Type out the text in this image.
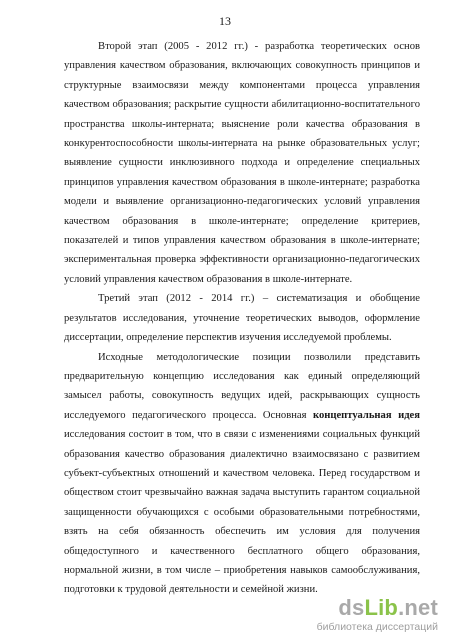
13

Второй этап (2005 - 2012 гг.) - разработка теоретических основ управления качеством образования, включающих совокупность принципов и структурные взаимосвязи между компонентами процесса управления качеством образования; раскрытие сущности абилитационно-воспитательного пространства школы-интерната; выяснение роли качества образования в конкурентоспособности школы-интерната на рынке образовательных услуг; выявление сущности инклюзивного подхода и определение специальных принципов управления качеством образования в школе-интернате; разработка модели и выявление организационно-педагогических условий управления качеством образования в школе-интернате; определение критериев, показателей и типов управления качеством образования в школе-интернате; экспериментальная проверка эффективности организационно-педагогических условий управления качеством образования в школе-интернате.

Третий этап (2012 - 2014 гг.) – систематизация и обобщение результатов исследования, уточнение теоретических выводов, оформление диссертации, определение перспектив изучения исследуемой проблемы.

Исходные методологические позиции позволили представить предварительную концепцию исследования как единый определяющий замысел работы, совокупность ведущих идей, раскрывающих сущность исследуемого педагогического процесса. Основная концептуальная идея исследования состоит в том, что в связи с изменениями социальных функций образования качество образования диалектично взаимосвязано с развитием субъект-субъектных отношений и качеством человека. Перед государством и обществом стоит чрезвычайно важная задача выступить гарантом социальной защищенности обучающихся с особыми образовательными потребностями, взять на себя обязанность обеспечить им условия для получения общедоступного и качественного бесплатного общего образования, нормальной жизни, в том числе – приобретения навыков самообслуживания, подготовки к трудовой деятельности и семейной жизни.

dsLib.net
библиотека диссертаций
